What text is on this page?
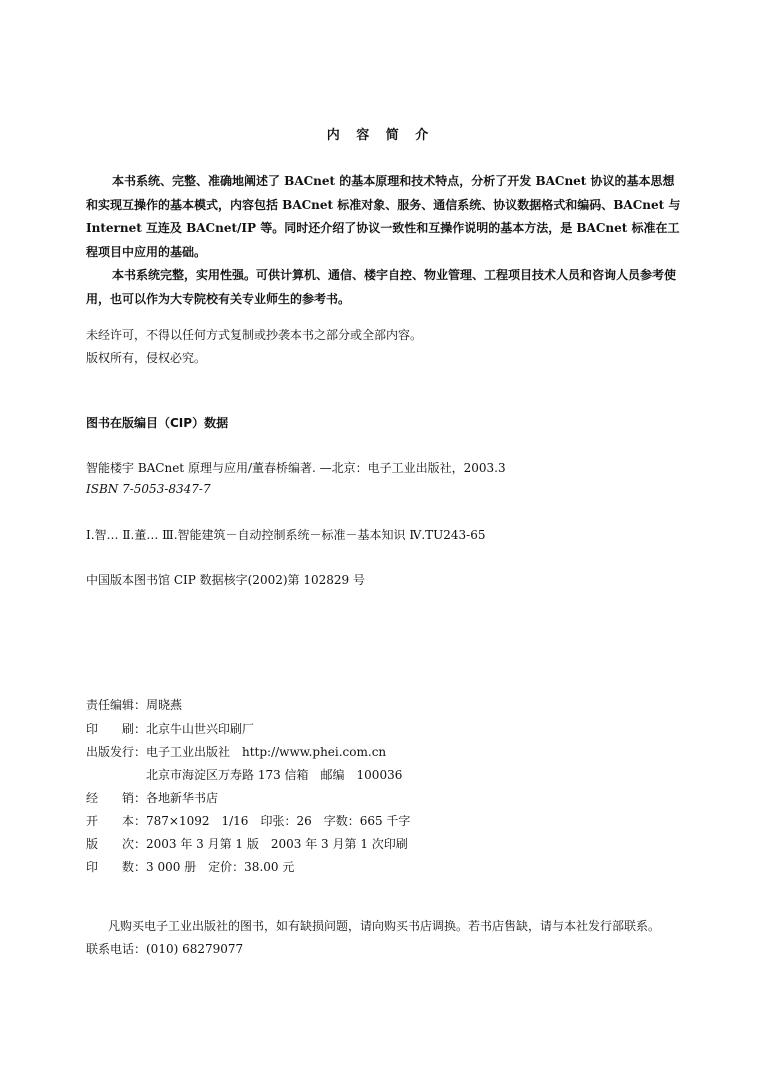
内 容 简 介
本书系统、完整、准确地阐述了 BACnet 的基本原理和技术特点，分析了开发 BACnet 协议的基本思想和实现互操作的基本模式，内容包括 BACnet 标准对象、服务、通信系统、协议数据格式和编码、BACnet 与 Internet 互连及 BACnet/IP 等。同时还介绍了协议一致性和互操作说明的基本方法，是 BACnet 标准在工程项目中应用的基础。
本书系统完整，实用性强。可供计算机、通信、楼宇自控、物业管理、工程项目技术人员和咨询人员参考使用，也可以作为大专院校有关专业师生的参考书。
未经许可，不得以任何方式复制或抄袭本书之部分或全部内容。
版权所有，侵权必究。
图书在版编目（CIP）数据
智能楼宇 BACnet 原理与应用/董春桥编著. —北京：电子工业出版社，2003.3
ISBN 7-5053-8347-7
Ⅰ.智… Ⅱ.董… Ⅲ.智能建筑－自动控制系统－标准－基本知识 Ⅳ.TU243-65
中国版本图书馆 CIP 数据核字(2002)第 102829 号
责任编辑：周晓燕
印　　刷：北京牛山世兴印刷厂
出版发行：电子工业出版社　http://www.phei.com.cn
北京市海淀区万寿路 173 信箱　邮编　100036
经　　销：各地新华书店
开　　本：787×1092　1/16　印张：26　字数：665 千字
版　　次：2003 年 3 月第 1 版　2003 年 3 月第 1 次印刷
印　　数：3 000 册　定价：38.00 元
凡购买电子工业出版社的图书，如有缺损问题，请向购买书店调换。若书店售缺，请与本社发行部联系。
联系电话：(010) 68279077
